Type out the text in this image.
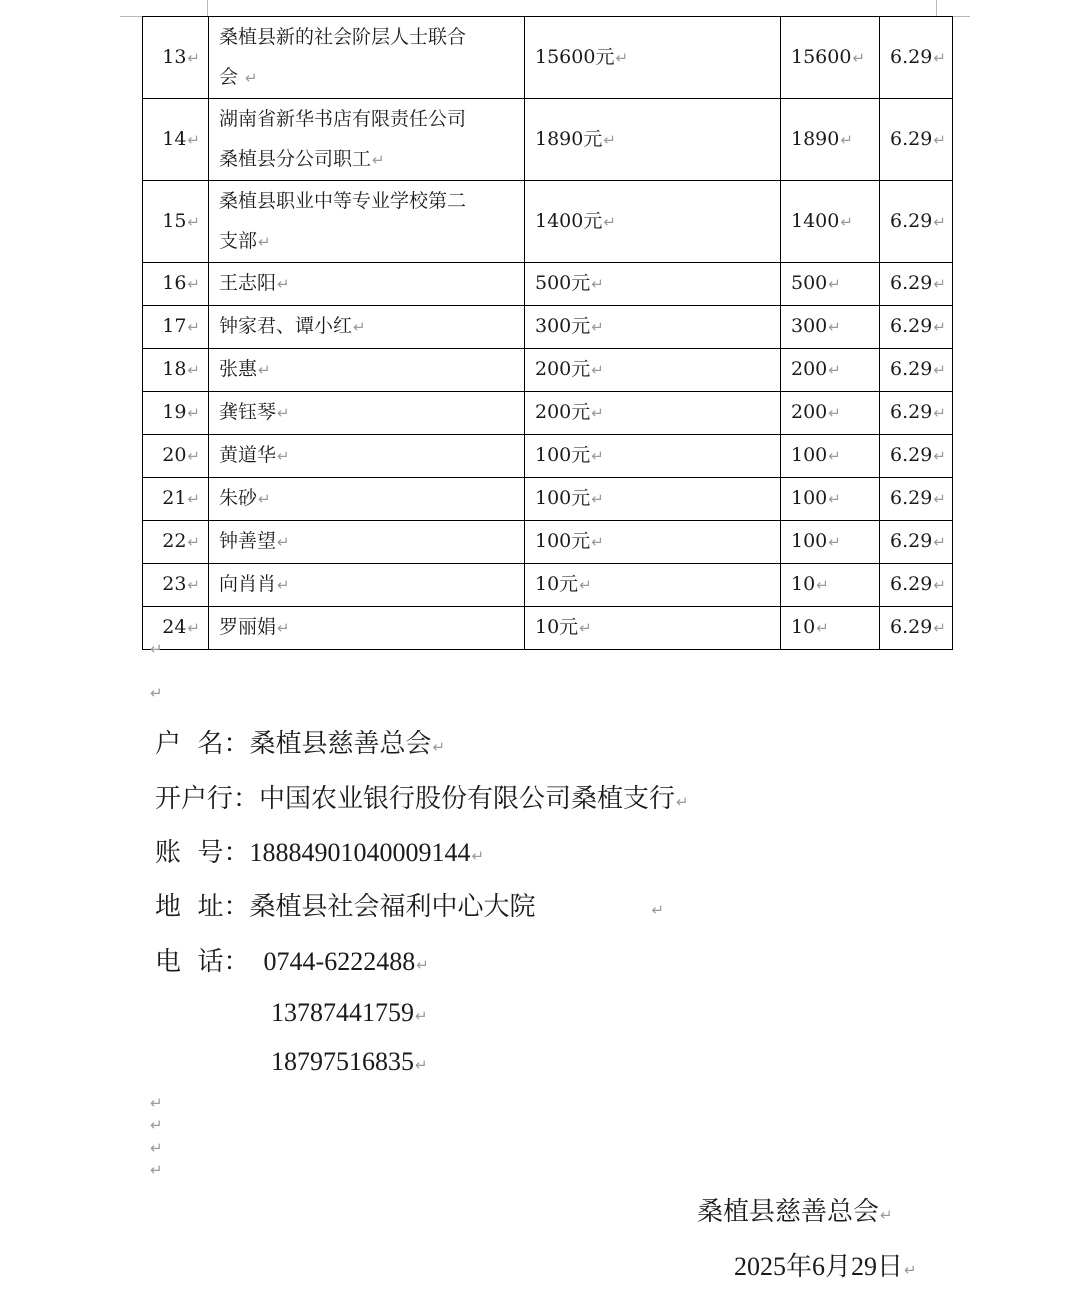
13↵	桑植县新的社会阶层人士联合
会 ↵	15600元↵	15600↵	6.29↵
14↵	湖南省新华书店有限责任公司
桑植县分公司职工↵	1890元↵	1890↵	6.29↵
15↵	桑植县职业中等专业学校第二
支部↵	1400元↵	1400↵	6.29↵
16↵	王志阳↵	500元↵	500↵	6.29↵
17↵	钟家君、谭小红↵	300元↵	300↵	6.29↵
18↵	张惠↵	200元↵	200↵	6.29↵
19↵	龚钰琴↵	200元↵	200↵	6.29↵
20↵	黄道华↵	100元↵	100↵	6.29↵
21↵	朱砂↵	100元↵	100↵	6.29↵
22↵	钟善望↵	100元↵	100↵	6.29↵
23↵	向肖肖↵	10元↵	10↵	6.29↵
24↵	罗丽娟↵	10元↵	10↵	6.29↵
↵
↵
户  名：桑植县慈善总会↵
开户行：中国农业银行股份有限公司桑植支行↵
账  号：18884901040009144↵
地  址：桑植县社会福利中心大院	↵
电  话： 0744-6222488↵
13787441759↵
18797516835↵
↵
↵
↵
↵
桑植县慈善总会↵
2025年6月29日↵
